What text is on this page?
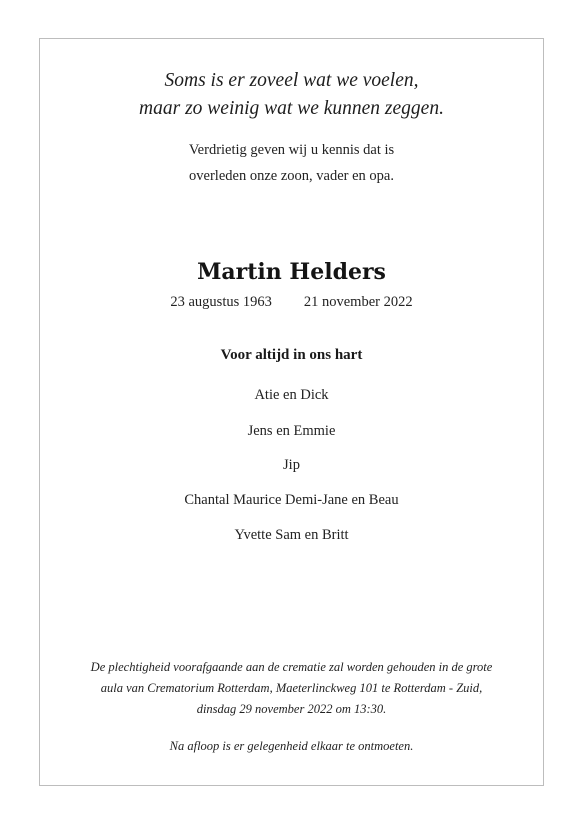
Soms is er zoveel wat we voelen,
maar zo weinig wat we kunnen zeggen.
Verdrietig geven wij u kennis dat is
overleden onze zoon, vader en opa.
Martin Helders
23 augustus 1963 21 november 2022
Voor altijd in ons hart
Atie en Dick
Jens en Emmie
Jip
Chantal Maurice Demi-Jane en Beau
Yvette Sam en Britt
De plechtigheid voorafgaande aan de crematie zal worden gehouden in de grote
aula van Crematorium Rotterdam, Maeterlinckweg 101 te Rotterdam - Zuid,
dinsdag 29 november 2022 om 13:30.
Na afloop is er gelegenheid elkaar te ontmoeten.
